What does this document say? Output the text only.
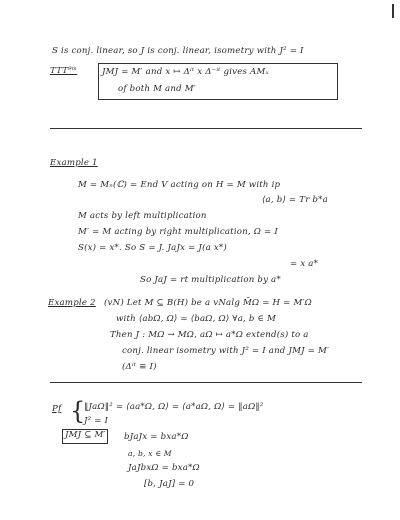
S is conj. linear, so J is conj. linear, isometry with J² = I
TTT⁹ᵐ	JMJ = M′ and x ↦ Δⁱᵗ x Δ⁻ⁱᵗ gives AMₓ
of both M and M′
Example 1
M = Mₙ(ℂ) = End V acting on H = M with ip
⟨a, b⟩ = Tr b*a
M acts by left multiplication
M′ = M acting by right multiplication, Ω = I
S(x) = x*. So S = J. JaJx = J(a x*)
= x a*
So JaJ = rt multiplication by a*
Example 2 (vN) Let M ⊆ B(H) be a vNalg M̄Ω = H = M′Ω
with ⟨abΩ, Ω⟩ = ⟨baΩ, Ω⟩ ∀a, b ∈ M
Then J : MΩ → MΩ, aΩ ↦ a*Ω extend(s) to a
conj. linear isometry with J² = I and JMJ = M′
(Δⁱᵗ ≡ I)
Pf {
‖JaΩ‖² = ⟨aa*Ω, Ω⟩ = ⟨a*aΩ, Ω⟩ = ‖aΩ‖²
J² = I
JMJ ⊆ M′ bJaJx = bxa*Ω
a, b, x ∈ M
JaJbxΩ = bxa*Ω
[b, JaJ] = 0
